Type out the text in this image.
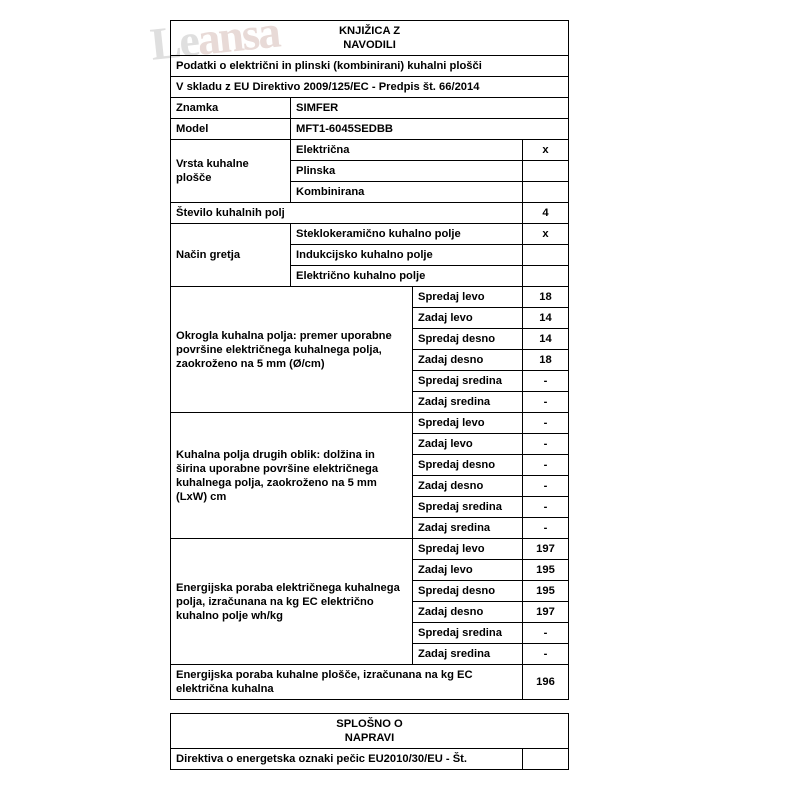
Leansa	KNJIŽICA Z
NAVODILI			

Podatki o električni in plinski (kombinirani) kuhalni plošči			
V skladu z EU Direktivo 2009/125/EC - Predpis št. 66/2014			
Znamka	SIMFER		
Model	MFT1-6045SEDBB		
Vrsta kuhalne plošče	Električna		x
	Plinska		
	Kombinirana		
Število kuhalnih polj			4
Način gretja	Steklokeramično kuhalno polje		x
	Indukcijsko kuhalno polje		
	Električno kuhalno polje		
Okrogla kuhalna polja: premer uporabne površine električnega kuhalnega polja, zaokroženo na 5 mm (Ø/cm)		Spredaj levo	18
		Zadaj levo	14
		Spredaj desno	14
		Zadaj desno	18
		Spredaj sredina	-
		Zadaj sredina	-
Kuhalna polja drugih oblik: dolžina in širina uporabne površine električnega kuhalnega polja, zaokroženo na 5 mm (LxW) cm		Spredaj levo	-
		Zadaj levo	-
		Spredaj desno	-
		Zadaj desno	-
		Spredaj sredina	-
		Zadaj sredina	-
Energijska poraba električnega kuhalnega polja, izračunana na kg EC električno kuhalno polje wh/kg		Spredaj levo	197
		Zadaj levo	195
		Spredaj desno	195
		Zadaj desno	197
		Spredaj sredina	-
		Zadaj sredina	-
Energijska poraba kuhalne plošče, izračunana na kg EC električna kuhalna			196
SPLOŠNO O
NAPRAVI

Direktiva o energetska oznaki pečic EU2010/30/EU - Št.	
